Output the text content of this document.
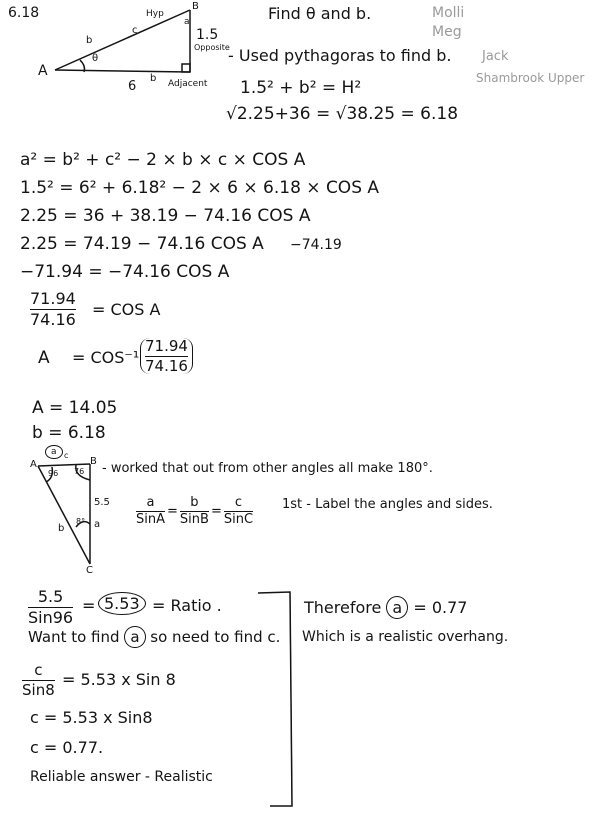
6.18	Find θ and b.	Molli
Meg
Jack
Shambrook Upper
A
B
θ
c
Hyp
a
1.5
Opposite
b
6
b Adjacent
- Used pythagoras to find b.
1.5² + b² = H²
√2.25+36 = √38.25 = 6.18
a² = b² + c² − 2 × b × c × COS A
1.5² = 6² + 6.18² − 2 × 6 × 6.18 × COS A
2.25 = 36 + 38.19 − 74.16 COS A
2.25 = 74.19 − 74.16 COS A −74.19
−71.94 = −74.16 COS A
71.94
74.16
= COS A
A = COS⁻¹
71.94
74.16
A = 14.05
b = 6.18
A	B
C
a c
96 76
8°
5.5
b	a
- worked that out from other angles all make 180°.
1st - Label the angles and sides.
$\frac{a}{\text{SinA}} = \frac{b}{\text{SinB}} = \frac{c}{\text{SinC}}$
5.5
Sin96
= 5.53 = Ratio .
Want to find a so need to find c.
c
Sin8
= 5.53 x Sin 8
c = 5.53 x Sin8
c = 0.77.
Reliable answer - Realistic
Therefore a = 0.77
Which is a realistic overhang.
